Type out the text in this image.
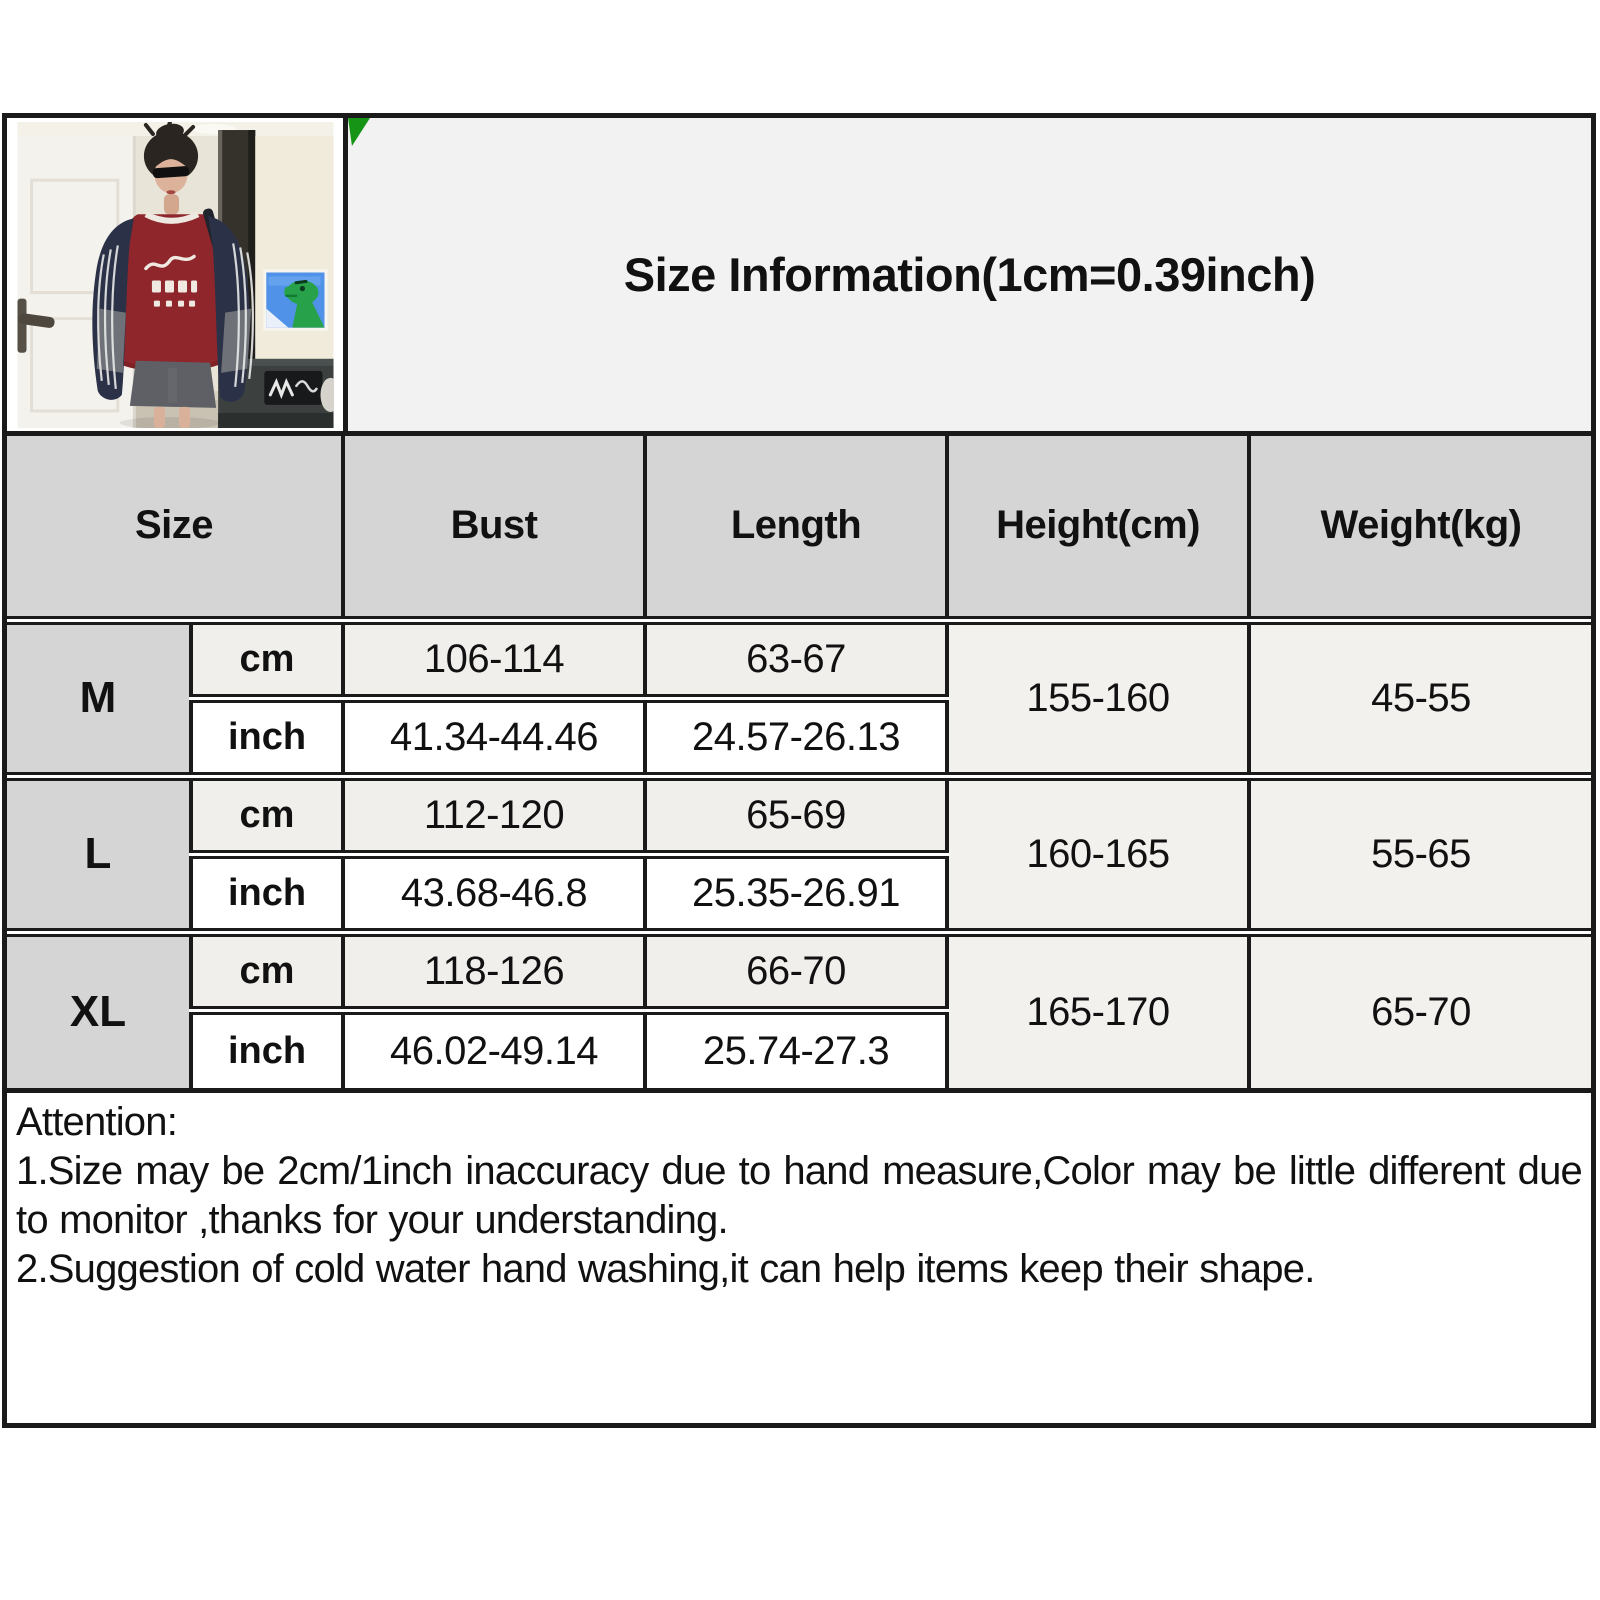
Size Information(1cm=0.39inch)
Size		Bust	Length	Height(cm)	Weight(kg)
M	cm	106-114	63-67	155-160	45-55
	inch	41.34-44.46	24.57-26.13		
L	cm	112-120	65-69	160-165	55-65
	inch	43.68-46.8	25.35-26.91		
XL	cm	118-126	66-70	165-170	65-70
	inch	46.02-49.14	25.74-27.3		

Attention:

1.Size may be 2cm/1inch inaccuracy due to hand measure,Color may be little different due to monitor ,thanks for your understanding.

2.Suggestion of cold water hand washing,it can help items keep their shape.
